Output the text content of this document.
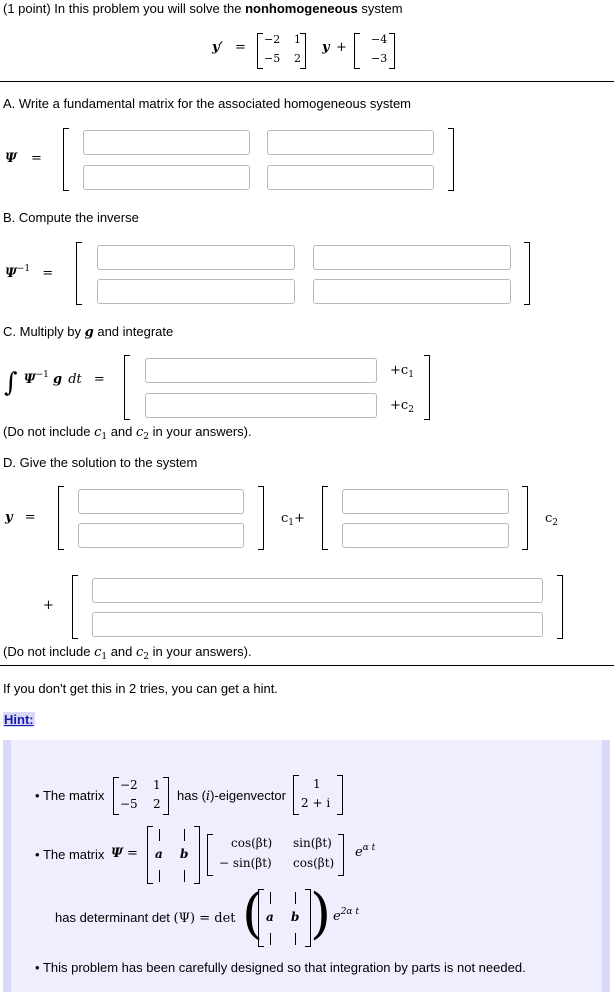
(1 point) In this problem you will solve the nonhomogeneous system
y′ =
−2 1
−5 2
y +
−4
−3
A. Write a fundamental matrix for the associated homogeneous system
Ψ =
B. Compute the inverse
$\Psi^{-1}$ =
C. Multiply by g and integrate
∫ $\Psi^{-1}$ g dt =
$+c_1$
$+c_2$
(Do not include $c_1$ and $c_2$ in your answers).
D. Give the solution to the system
y =	$c_1+$	$c_2$
+
(Do not include $c_1$ and $c_2$ in your answers).
If you don't get this in 2 tries, you can get a hint.
Hint:
• The matrix
−2 1
−5 2
has (i)-eigenvector
1
2 + i
• The matrix Ψ = a b
cos(βt) sin(βt)
− sin(βt) cos(βt)
$e^{\alpha t}$
has determinant det (Ψ) = det ( a b ) $e^{2\alpha t}$
• This problem has been carefully designed so that integration by parts is not needed.
